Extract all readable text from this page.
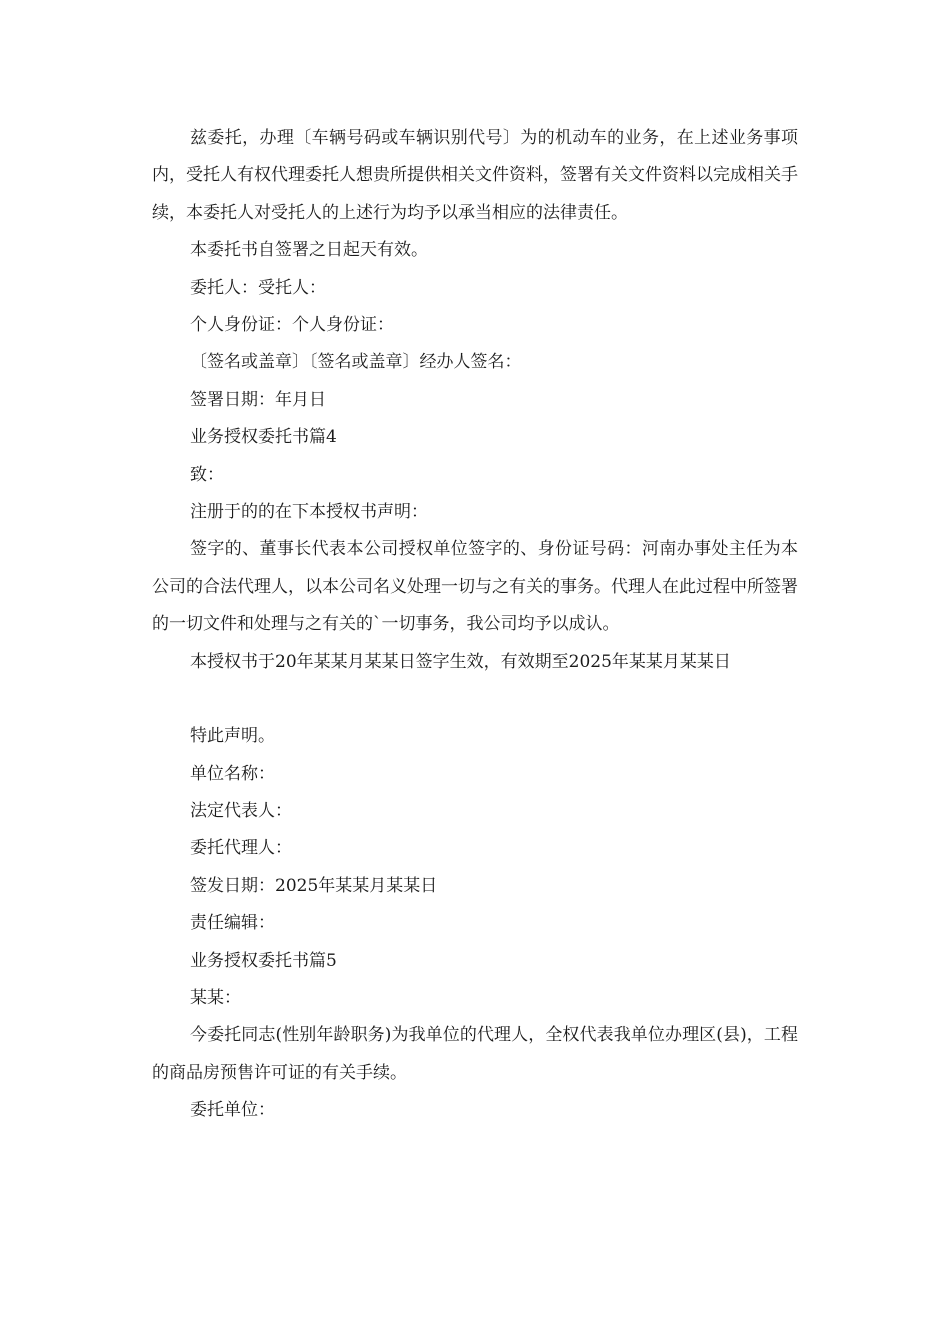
兹委托，办理〔车辆号码或车辆识别代号〕为的机动车的业务，在上述业务事项内，受托人有权代理委托人想贵所提供相关文件资料，签署有关文件资料以完成相关手续，本委托人对受托人的上述行为均予以承当相应的法律责任。

本委托书自签署之日起天有效。

委托人：受托人：

个人身份证：个人身份证：

〔签名或盖章〕〔签名或盖章〕经办人签名：

签署日期：年月日

业务授权委托书篇4

致：

注册于的的在下本授权书声明：

签字的、董事长代表本公司授权单位签字的、身份证号码：河南办事处主任为本公司的合法代理人，以本公司名义处理一切与之有关的事务。代理人在此过程中所签署的一切文件和处理与之有关的`一切事务，我公司均予以成认。

本授权书于20年某某月某某日签字生效，有效期至2025年某某月某某日

特此声明。

单位名称：

法定代表人：

委托代理人：

签发日期：2025年某某月某某日

责任编辑：

业务授权委托书篇5

某某：

今委托同志(性别年龄职务)为我单位的代理人，全权代表我单位办理区(县)，工程的商品房预售许可证的有关手续。

委托单位：
